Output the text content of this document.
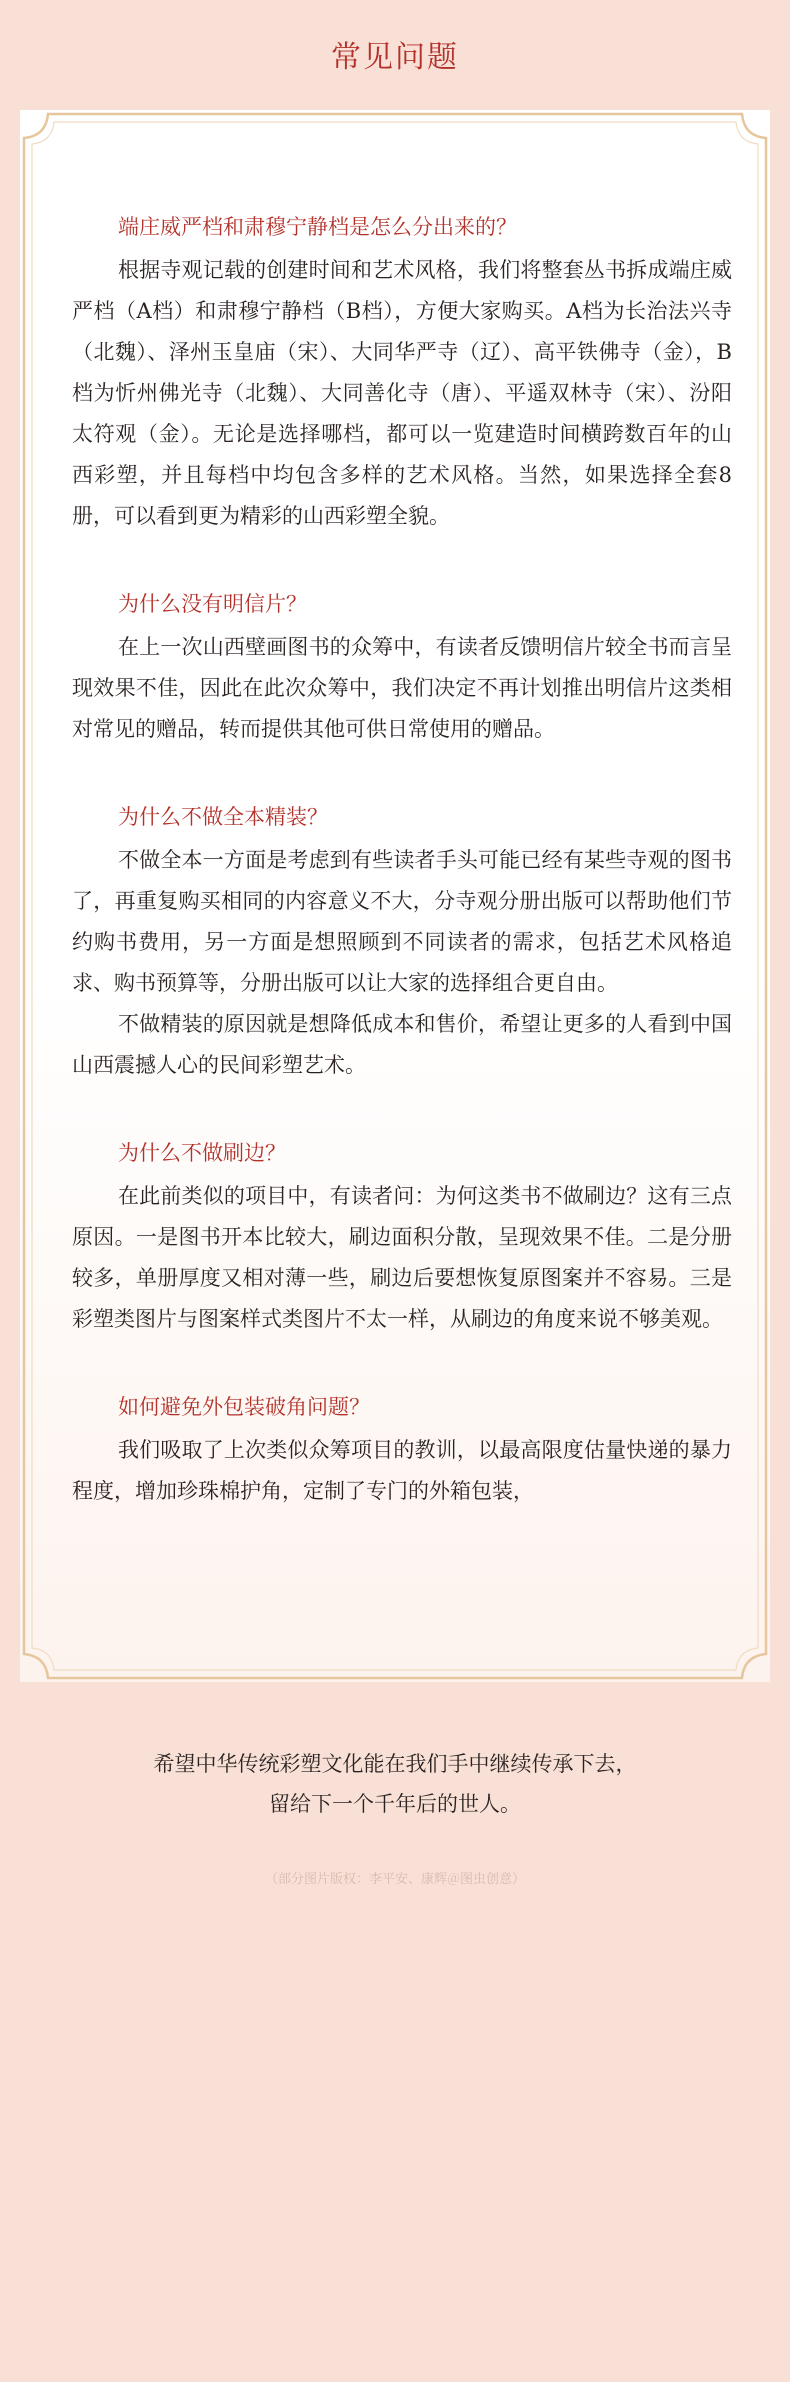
常见问题
端庄威严档和肃穆宁静档是怎么分出来的？

根据寺观记载的创建时间和艺术风格，我们将整套丛书拆成端庄威严档（A档）和肃穆宁静档（B档），方便大家购买。A档为长治法兴寺（北魏）、泽州玉皇庙（宋）、大同华严寺（辽）、高平铁佛寺（金），B档为忻州佛光寺（北魏）、大同善化寺（唐）、平遥双林寺（宋）、汾阳太符观（金）。无论是选择哪档，都可以一览建造时间横跨数百年的山西彩塑，并且每档中均包含多样的艺术风格。当然，如果选择全套8册，可以看到更为精彩的山西彩塑全貌。

为什么没有明信片？

在上一次山西壁画图书的众筹中，有读者反馈明信片较全书而言呈现效果不佳，因此在此次众筹中，我们决定不再计划推出明信片这类相对常见的赠品，转而提供其他可供日常使用的赠品。

为什么不做全本精装？

不做全本一方面是考虑到有些读者手头可能已经有某些寺观的图书了，再重复购买相同的内容意义不大，分寺观分册出版可以帮助他们节约购书费用，另一方面是想照顾到不同读者的需求，包括艺术风格追求、购书预算等，分册出版可以让大家的选择组合更自由。

不做精装的原因就是想降低成本和售价，希望让更多的人看到中国山西震撼人心的民间彩塑艺术。

为什么不做刷边？

在此前类似的项目中，有读者问：为何这类书不做刷边？这有三点原因。一是图书开本比较大，刷边面积分散，呈现效果不佳。二是分册较多，单册厚度又相对薄一些，刷边后要想恢复原图案并不容易。三是彩塑类图片与图案样式类图片不太一样，从刷边的角度来说不够美观。

如何避免外包装破角问题？

我们吸取了上次类似众筹项目的教训，以最高限度估量快递的暴力程度，增加珍珠棉护角，定制了专门的外箱包装，

希望中华传统彩塑文化能在我们手中继续传承下去，
留给下一个千年后的世人。
（部分图片版权：李平安、康辉＠图虫创意）
